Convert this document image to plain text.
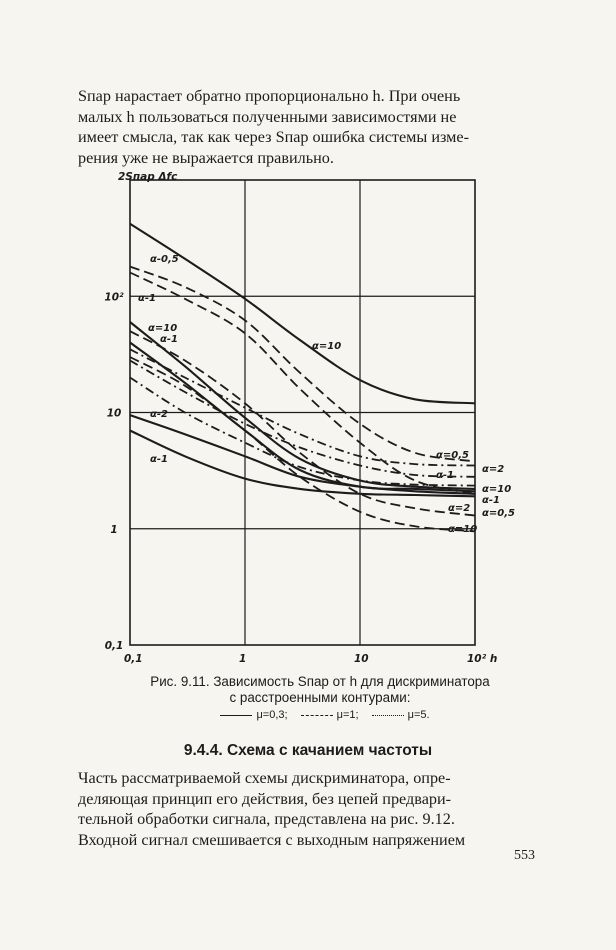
Sпар нарастает обратно пропорционально h. При очень
малых h пользоваться полученными зависимостями не
имеет смысла, так как через Sпар ошибка системы изме-
рения уже не выражается правильно.
0,1	1	10	10² h
0,1
1
10
10²
α-0,5
α-1
α=10
α-1
α-2
α-1
α=10
α=0,5
α-1
α=2
α=10
α-1
α=2 α=0,5
α=10
2Sпар Δfс
Рис. 9.11. Зависимость Sпар от h для дискриминатора
с расстроенными контурами:
μ=0,3;	μ=1;	μ=5.
9.4.4. Схема с качанием частоты
Часть рассматриваемой схемы дискриминатора, опре-
деляющая принцип его действия, без цепей предвари-
тельной обработки сигнала, представлена на рис. 9.12.
Входной сигнал смешивается с выходным напряжением
553
